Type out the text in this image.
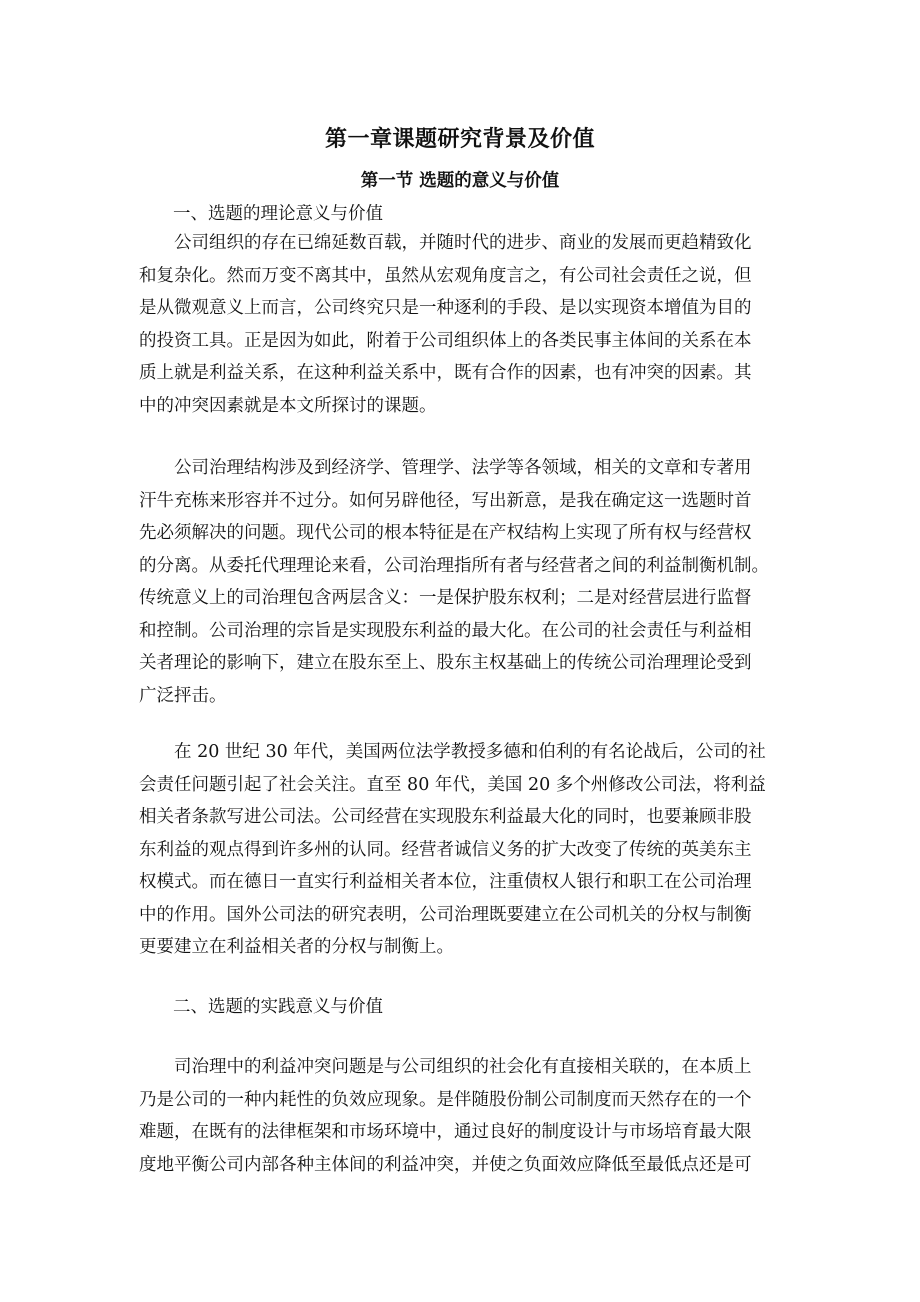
第一章课题研究背景及价值
第一节 选题的意义与价值
一、选题的理论意义与价值
公司组织的存在已绵延数百载，并随时代的进步、商业的发展而更趋精致化
和复杂化。然而万变不离其中，虽然从宏观角度言之，有公司社会责任之说，但
是从微观意义上而言，公司终究只是一种逐利的手段、是以实现资本增值为目的
的投资工具。正是因为如此，附着于公司组织体上的各类民事主体间的关系在本
质上就是利益关系，在这种利益关系中，既有合作的因素，也有冲突的因素。其
中的冲突因素就是本文所探讨的课题。
公司治理结构涉及到经济学、管理学、法学等各领域，相关的文章和专著用
汗牛充栋来形容并不过分。如何另辟他径，写出新意，是我在确定这一选题时首
先必须解决的问题。现代公司的根本特征是在产权结构上实现了所有权与经营权
的分离。从委托代理理论来看，公司治理指所有者与经营者之间的利益制衡机制。
传统意义上的司治理包含两层含义：一是保护股东权利；二是对经营层进行监督
和控制。公司治理的宗旨是实现股东利益的最大化。在公司的社会责任与利益相
关者理论的影响下，建立在股东至上、股东主权基础上的传统公司治理理论受到
广泛抨击。
在 20 世纪 30 年代，美国两位法学教授多德和伯利的有名论战后，公司的社
会责任问题引起了社会关注。直至 80 年代，美国 20 多个州修改公司法，将利益
相关者条款写进公司法。公司经营在实现股东利益最大化的同时，也要兼顾非股
东利益的观点得到许多州的认同。经营者诚信义务的扩大改变了传统的英美东主
权模式。而在德日一直实行利益相关者本位，注重债权人银行和职工在公司治理
中的作用。国外公司法的研究表明，公司治理既要建立在公司机关的分权与制衡
更要建立在利益相关者的分权与制衡上。
二、选题的实践意义与价值
司治理中的利益冲突问题是与公司组织的社会化有直接相关联的，在本质上
乃是公司的一种内耗性的负效应现象。是伴随股份制公司制度而天然存在的一个
难题，在既有的法律框架和市场环境中，通过良好的制度设计与市场培育最大限
度地平衡公司内部各种主体间的利益冲突，并使之负面效应降低至最低点还是可
